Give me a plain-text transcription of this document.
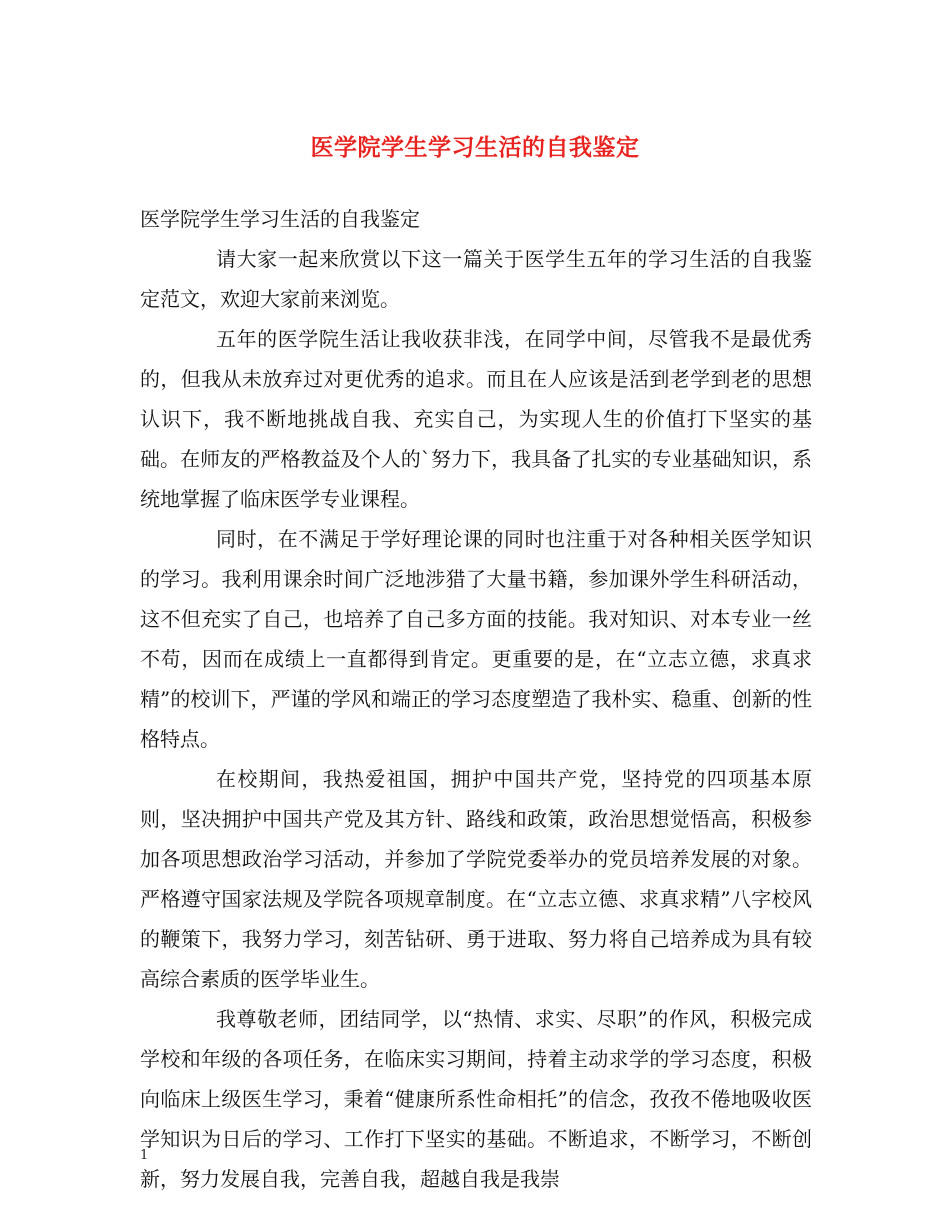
医学院学生学习生活的自我鉴定

医学院学生学习生活的自我鉴定

请大家一起来欣赏以下这一篇关于医学生五年的学习生活的自我鉴定范文，欢迎大家前来浏览。

五年的医学院生活让我收获非浅，在同学中间，尽管我不是最优秀的，但我从未放弃过对更优秀的追求。而且在人应该是活到老学到老的思想认识下，我不断地挑战自我、充实自己，为实现人生的价值打下坚实的基础。在师友的严格教益及个人的`努力下，我具备了扎实的专业基础知识，系统地掌握了临床医学专业课程。

同时，在不满足于学好理论课的同时也注重于对各种相关医学知识的学习。我利用课余时间广泛地涉猎了大量书籍，参加课外学生科研活动，这不但充实了自己，也培养了自己多方面的技能。我对知识、对本专业一丝不苟，因而在成绩上一直都得到肯定。更重要的是，在“立志立德，求真求精”的校训下，严谨的学风和端正的学习态度塑造了我朴实、稳重、创新的性格特点。

在校期间，我热爱祖国，拥护中国共产党，坚持党的四项基本原则，坚决拥护中国共产党及其方针、路线和政策，政治思想觉悟高，积极参加各项思想政治学习活动，并参加了学院党委举办的党员培养发展的对象。严格遵守国家法规及学院各项规章制度。在“立志立德、求真求精”八字校风的鞭策下，我努力学习，刻苦钻研、勇于进取、努力将自己培养成为具有较高综合素质的医学毕业生。

我尊敬老师，团结同学，以“热情、求实、尽职”的作风，积极完成学校和年级的各项任务，在临床实习期间，持着主动求学的学习态度，积极向临床上级医生学习，秉着“健康所系性命相托”的信念，孜孜不倦地吸收医学知识为日后的学习、工作打下坚实的基础。不断追求，不断学习，不断创新，努力发展自我，完善自我，超越自我是我崇

1
